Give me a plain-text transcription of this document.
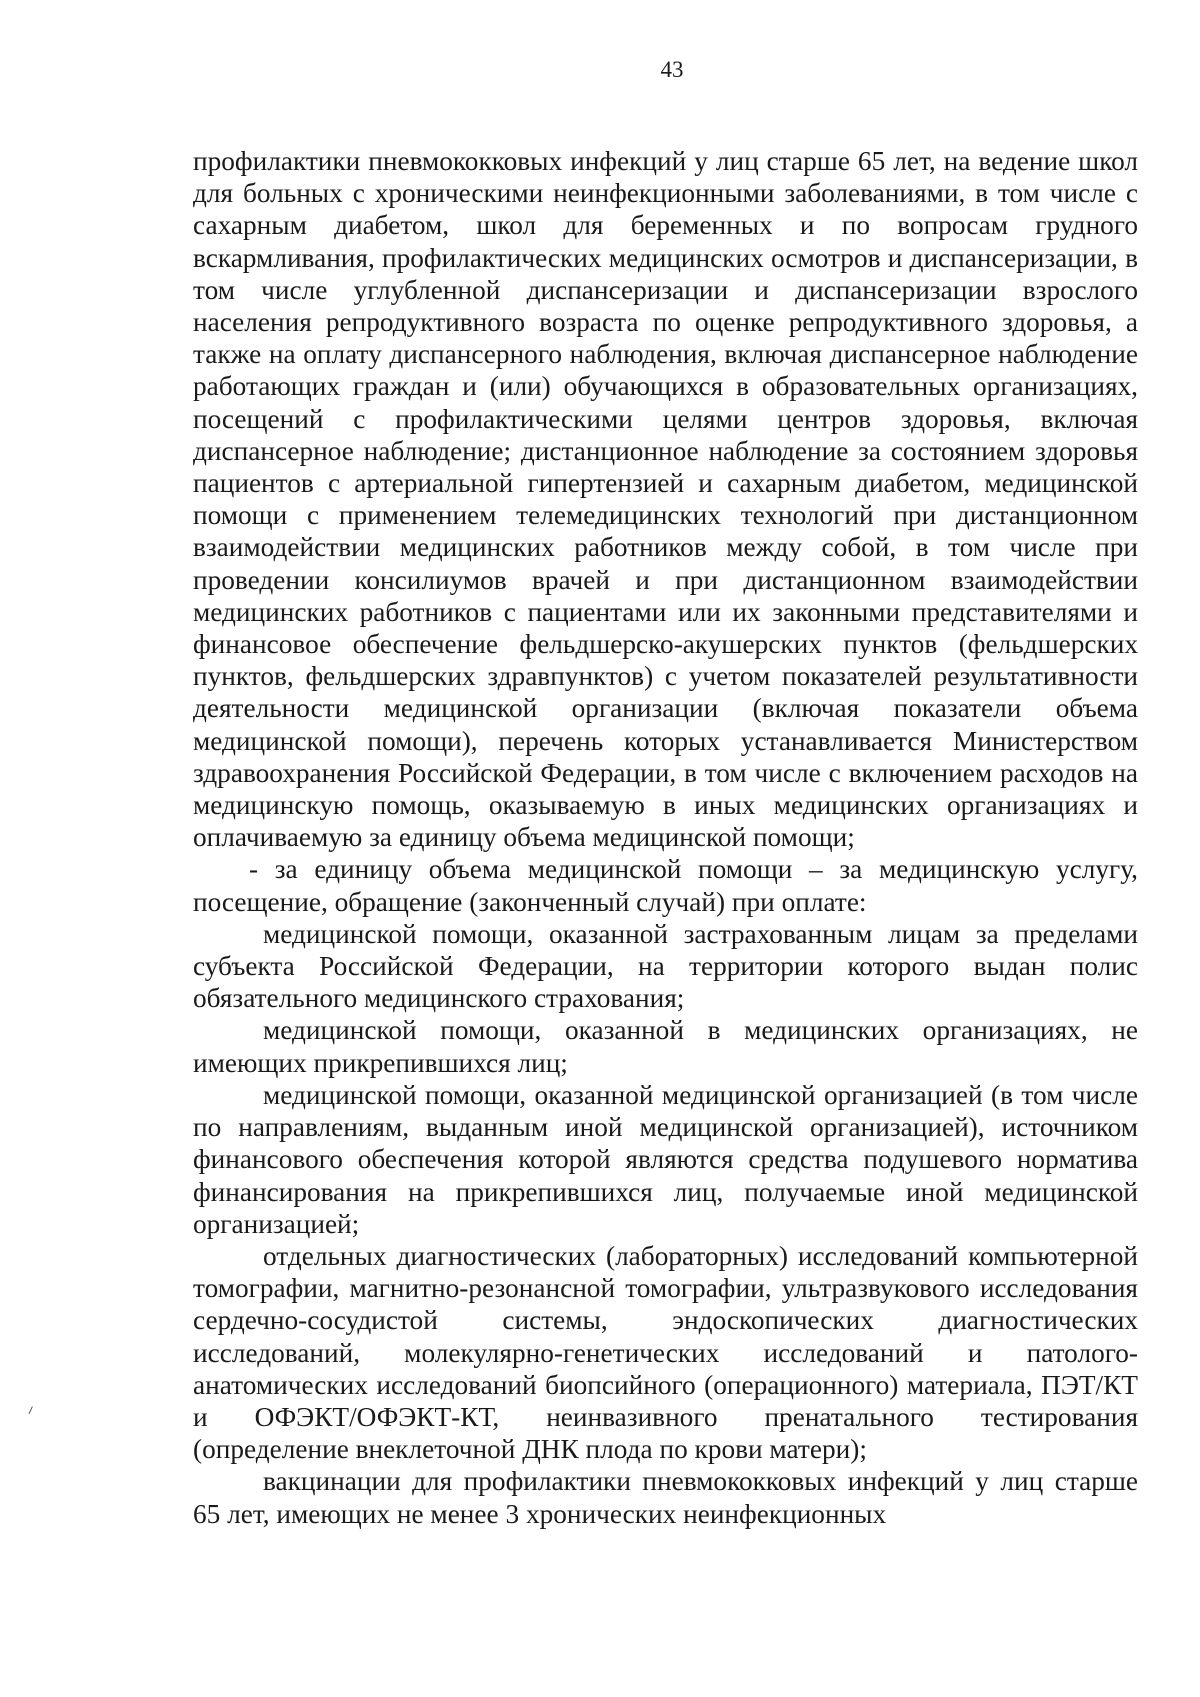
43

профилактики пневмококковых инфекций у лиц старше 65 лет, на ведение школ для больных с хроническими неинфекционными заболеваниями, в том числе с сахарным диабетом, школ для беременных и по вопросам грудного вскармливания, профилактических медицинских осмотров и диспансеризации, в том числе углубленной диспансеризации и диспансеризации взрослого населения репродуктивного возраста по оценке репродуктивного здоровья, а также на оплату диспансерного наблюдения, включая диспансерное наблюдение работающих граждан и (или) обучающихся в образовательных организациях, посещений с профилактическими целями центров здоровья, включая диспансерное наблюдение; дистанционное наблюдение за состоянием здоровья пациентов с артериальной гипертензией и сахарным диабетом, медицинской помощи с применением телемедицинских технологий при дистанционном взаимодействии медицинских работников между собой, в том числе при проведении консилиумов врачей и при дистанционном взаимодействии медицинских работников с пациентами или их законными представителями и финансовое обеспечение фельдшерско-акушерских пунктов (фельдшерских пунктов, фельдшерских здравпунктов) с учетом показателей результативности деятельности медицинской организации (включая показатели объема медицинской помощи), перечень которых устанавливается Министерством здравоохранения Российской Федерации, в том числе с включением расходов на медицинскую помощь, оказываемую в иных медицинских организациях и оплачиваемую за единицу объема медицинской помощи;

- за единицу объема медицинской помощи – за медицинскую услугу, посещение, обращение (законченный случай) при оплате:

медицинской помощи, оказанной застрахованным лицам за пределами субъекта Российской Федерации, на территории которого выдан полис обязательного медицинского страхования;

медицинской помощи, оказанной в медицинских организациях, не имеющих прикрепившихся лиц;

медицинской помощи, оказанной медицинской организацией (в том числе по направлениям, выданным иной медицинской организацией), источником финансового обеспечения которой являются средства подушевого норматива финансирования на прикрепившихся лиц, получаемые иной медицинской организацией;

отдельных диагностических (лабораторных) исследований компьютерной томографии, магнитно-резонансной томографии, ультразвукового исследования сердечно-сосудистой системы, эндоскопических диагностических исследований, молекулярно-генетических исследований и патолого-анатомических исследований биопсийного (операционного) материала, ПЭТ/КТ и ОФЭКТ/ОФЭКТ-КТ, неинвазивного пренатального тестирования (определение внеклеточной ДНК плода по крови матери);

вакцинации для профилактики пневмококковых инфекций у лиц старше 65 лет, имеющих не менее 3 хронических неинфекционных
